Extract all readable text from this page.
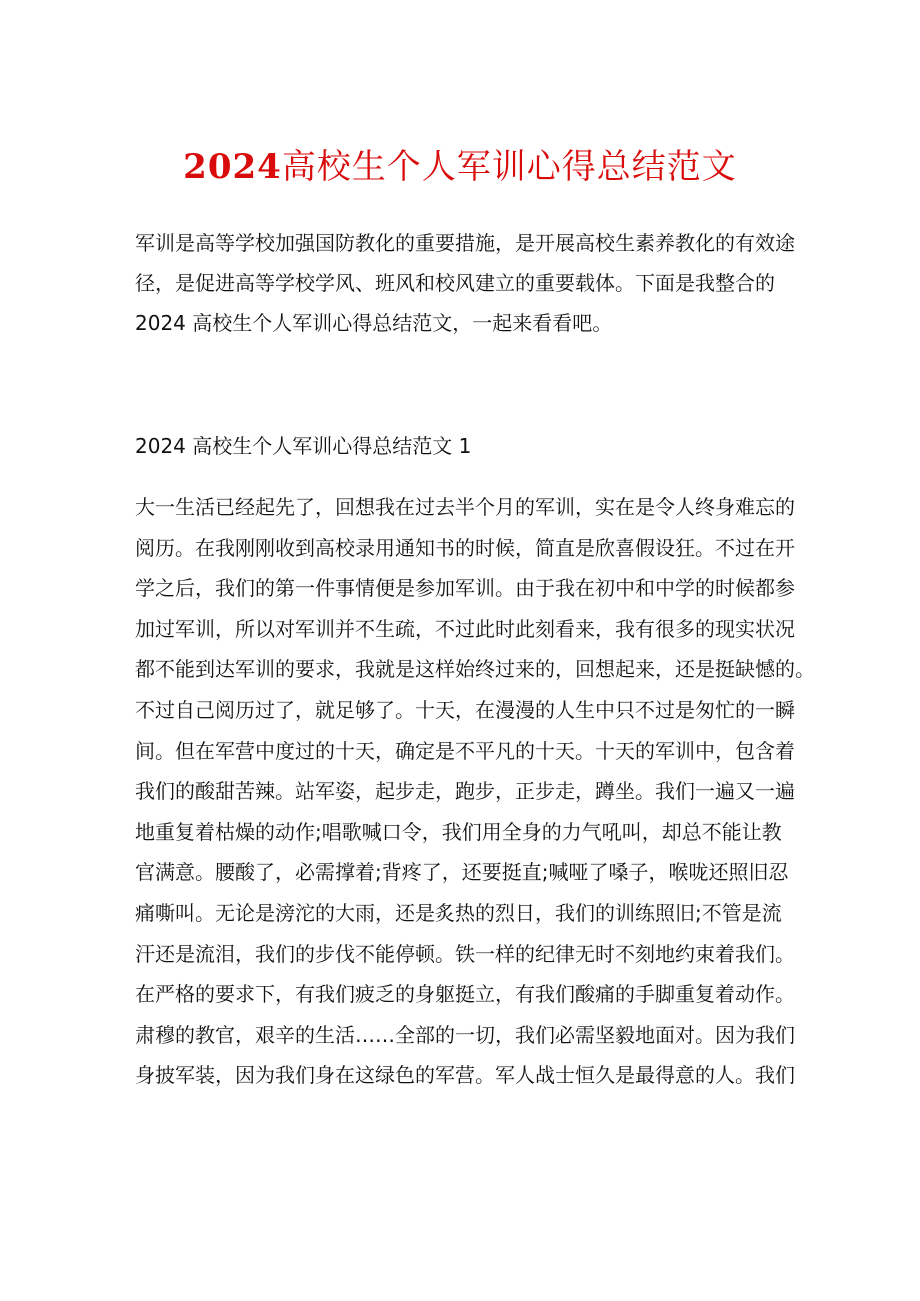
2024高校生个人军训心得总结范文
军训是高等学校加强国防教化的重要措施，是开展高校生素养教化的有效途
径，是促进高等学校学风、班风和校风建立的重要载体。下面是我整合的
2024 高校生个人军训心得总结范文，一起来看看吧。
2024 高校生个人军训心得总结范文 1
大一生活已经起先了，回想我在过去半个月的军训，实在是令人终身难忘的
阅历。在我刚刚收到高校录用通知书的时候，简直是欣喜假设狂。不过在开
学之后，我们的第一件事情便是参加军训。由于我在初中和中学的时候都参
加过军训，所以对军训并不生疏，不过此时此刻看来，我有很多的现实状况
都不能到达军训的要求，我就是这样始终过来的，回想起来，还是挺缺憾的。
不过自己阅历过了，就足够了。十天，在漫漫的人生中只不过是匆忙的一瞬
间。但在军营中度过的十天，确定是不平凡的十天。十天的军训中，包含着
我们的酸甜苦辣。站军姿，起步走，跑步，正步走，蹲坐。我们一遍又一遍
地重复着枯燥的动作;唱歌喊口令，我们用全身的力气吼叫，却总不能让教
官满意。腰酸了，必需撑着;背疼了，还要挺直;喊哑了嗓子，喉咙还照旧忍
痛嘶叫。无论是滂沱的大雨，还是炙热的烈日，我们的训练照旧;不管是流
汗还是流泪，我们的步伐不能停顿。铁一样的纪律无时不刻地约束着我们。
在严格的要求下，有我们疲乏的身躯挺立，有我们酸痛的手脚重复着动作。
肃穆的教官，艰辛的生活……全部的一切，我们必需坚毅地面对。因为我们
身披军装，因为我们身在这绿色的军营。军人战士恒久是最得意的人。我们
